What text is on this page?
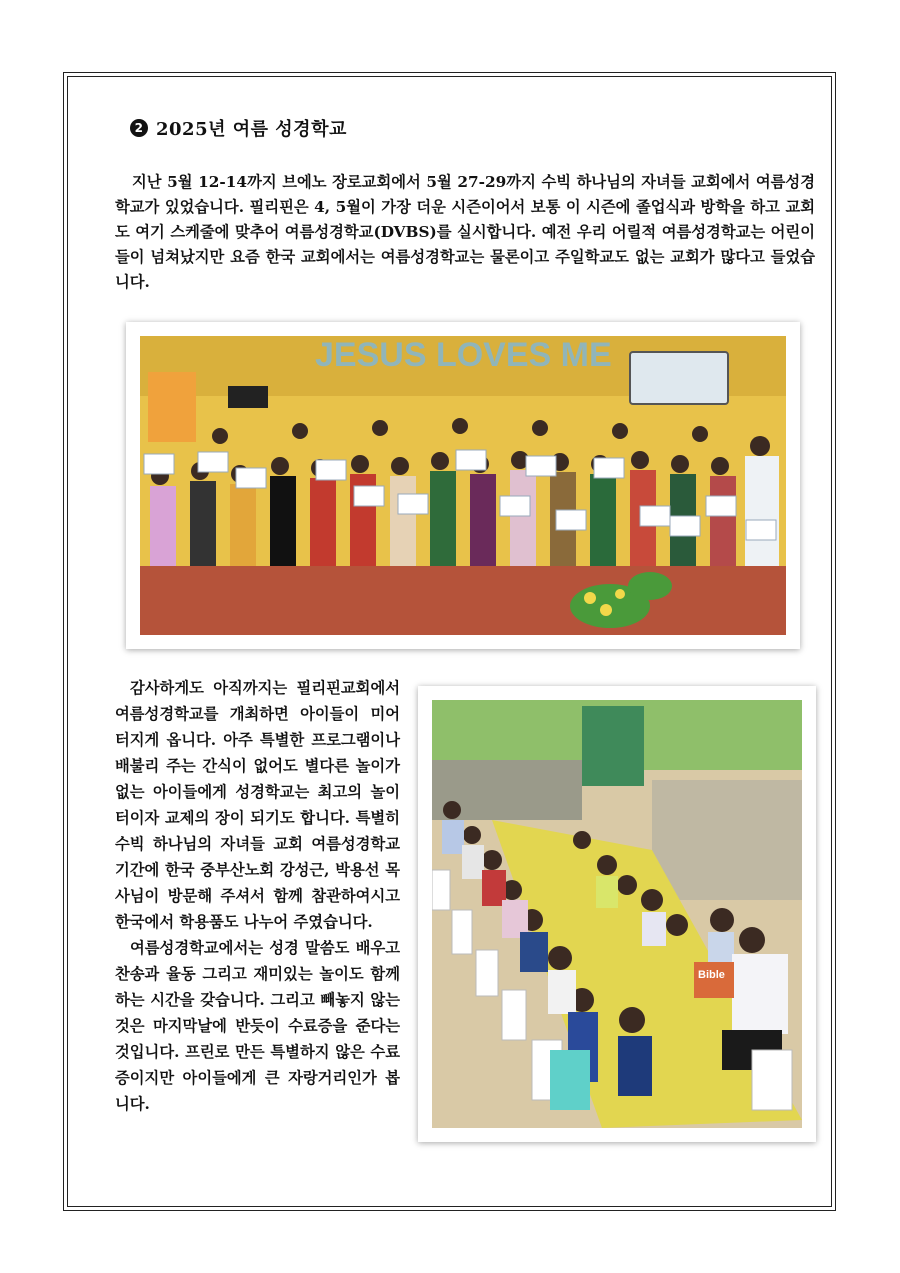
2 2025년 여름 성경학교

지난 5월 12-14까지 브에노 장로교회에서 5월 27-29까지 수빅 하나님의 자녀들 교회에서 여름성경학교가 있었습니다. 필리핀은 4, 5월이 가장 더운 시즌이어서 보통 이 시즌에 졸업식과 방학을 하고 교회도 여기 스케줄에 맞추어 여름성경학교(DVBS)를 실시합니다. 예전 우리 어릴적 여름성경학교는 어린이들이 넘쳐났지만 요즘 한국 교회에서는 여름성경학교는 물론이고 주일학교도 없는 교회가 많다고 들었습니다.

JESUS LOVES ME
Bible

감사하게도 아직까지는 필리핀교회에서 여름성경학교를 개최하면 아이들이 미어 터지게 옵니다. 아주 특별한 프로그램이나 배불리 주는 간식이 없어도 별다른 놀이가 없는 아이들에게 성경학교는 최고의 놀이터이자 교제의 장이 되기도 합니다. 특별히 수빅 하나님의 자녀들 교회 여름성경학교 기간에 한국 중부산노회 강성근, 박용선 목사님이 방문해 주셔서 함께 참관하여시고 한국에서 학용품도 나누어 주였습니다.

여름성경학교에서는 성경 말씀도 배우고 찬송과 율동 그리고 재미있는 놀이도 함께 하는 시간을 갖습니다. 그리고 빼놓지 않는 것은 마지막날에 반듯이 수료증을 준다는 것입니다. 프린로 만든 특별하지 않은 수료증이지만 아이들에게 큰 자랑거리인가 봅니다.
